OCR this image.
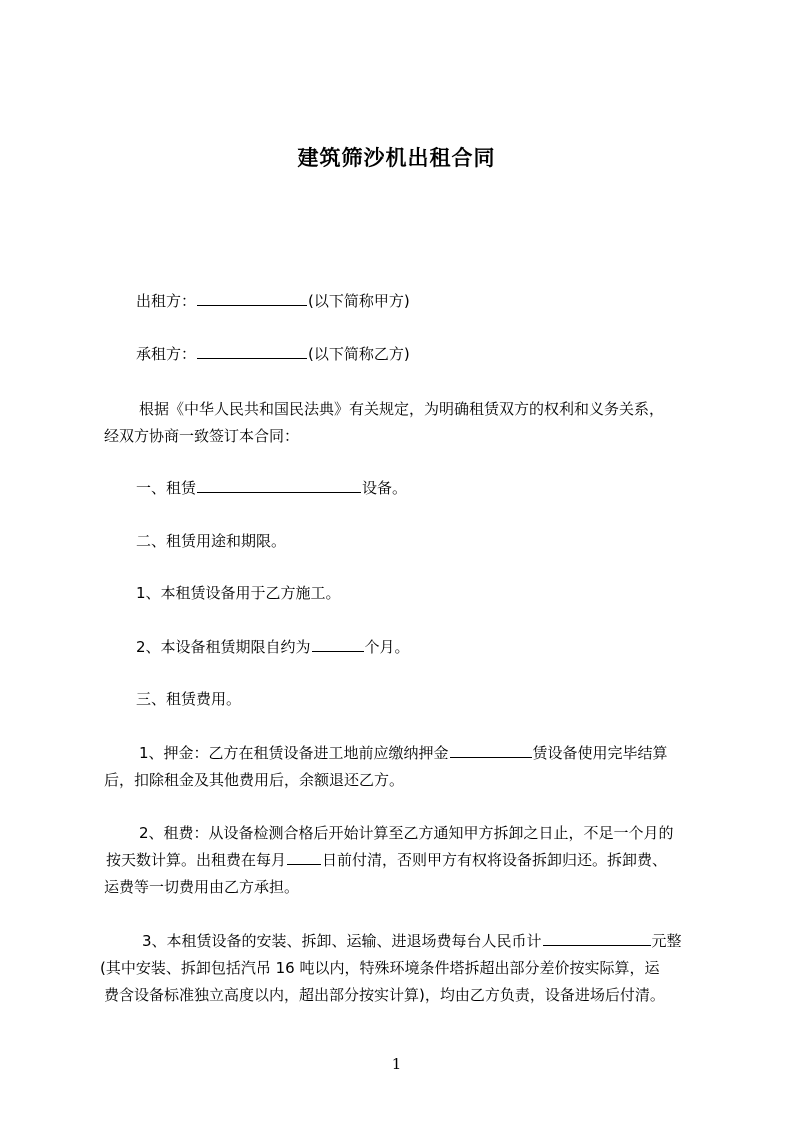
建筑筛沙机出租合同

出租方：	(以下简称甲方)

承租方：	(以下简称乙方)

根据《中华人民共和国民法典》有关规定，为明确租赁双方的权利和义务关系，

经双方协商一致签订本合同：

一、租赁	设备。

二、租赁用途和期限。

1、本租赁设备用于乙方施工。

2、本设备租赁期限自约为	个月。

三、租赁费用。

1、押金：乙方在租赁设备进工地前应缴纳押金	赁设备使用完毕结算

后，扣除租金及其他费用后，余额退还乙方。

2、租费：从设备检测合格后开始计算至乙方通知甲方拆卸之日止，不足一个月的

按天数计算。出租费在每月 日前付清，否则甲方有权将设备拆卸归还。拆卸费、

运费等一切费用由乙方承担。

3、本租赁设备的安装、拆卸、运输、进退场费每台人民币计	元整

(其中安装、拆卸包括汽吊 16 吨以内，特殊环境条件塔拆超出部分差价按实际算，运

费含设备标准独立高度以内，超出部分按实计算)，均由乙方负责，设备进场后付清。

1
